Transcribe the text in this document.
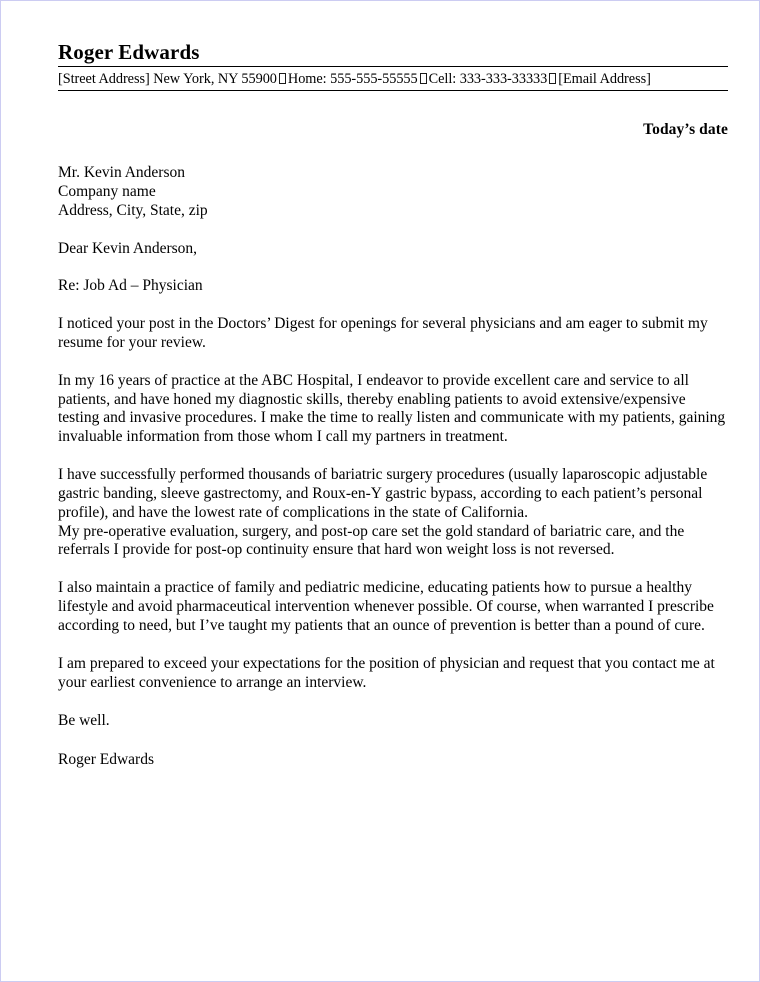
Roger Edwards
[Street Address] New York, NY 55900 Home: 555-555-55555 Cell: 333-333-33333 [Email Address]
Today’s date

Mr. Kevin Anderson

Company name

Address, City, State, zip

Dear Kevin Anderson,

Re: Job Ad – Physician

I noticed your post in the Doctors’ Digest for openings for several physicians and am eager to submit my resume for your review.

In my 16 years of practice at the ABC Hospital, I endeavor to provide excellent care and service to all patients, and have honed my diagnostic skills, thereby enabling patients to avoid extensive/expensive testing and invasive procedures. I make the time to really listen and communicate with my patients, gaining invaluable information from those whom I call my partners in treatment.

I have successfully performed thousands of bariatric surgery procedures (usually laparoscopic adjustable gastric banding, sleeve gastrectomy, and Roux-en-Y gastric bypass, according to each patient’s personal profile), and have the lowest rate of complications in the state of California.

My pre-operative evaluation, surgery, and post-op care set the gold standard of bariatric care, and the referrals I provide for post-op continuity ensure that hard won weight loss is not reversed.

I also maintain a practice of family and pediatric medicine, educating patients how to pursue a healthy lifestyle and avoid pharmaceutical intervention whenever possible. Of course, when warranted I prescribe according to need, but I’ve taught my patients that an ounce of prevention is better than a pound of cure.

I am prepared to exceed your expectations for the position of physician and request that you contact me at your earliest convenience to arrange an interview.

Be well.
Roger Edwards
